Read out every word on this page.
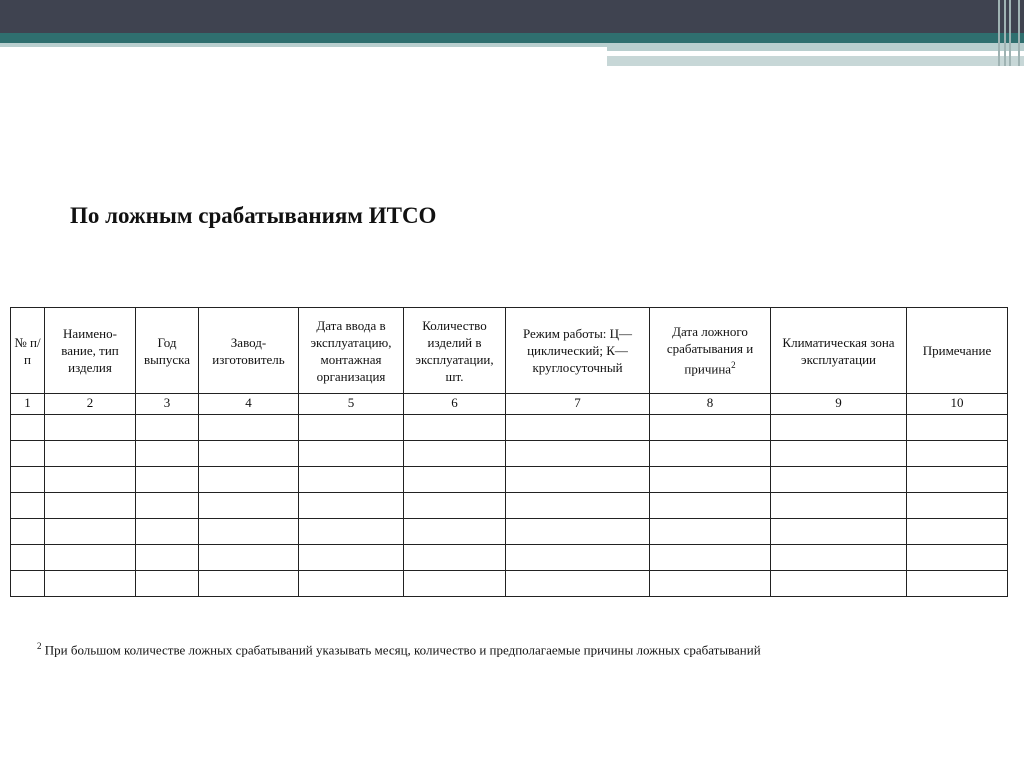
По ложным срабатываниям ИТСО
№ п/п	Наимено-вание, тип изделия	Год выпуска	Завод-изготовитель	Дата ввода в эксплуатацию, монтажная организация	Количество изделий в эксплуатации, шт.	Режим работы: Ц—циклический; К—круглосуточный	Дата ложного срабатывания и причина$^2$	Климатическая зона эксплуатации	Примечание
1	2	3	4	5	6	7	8	9	10

$^2$ При большом количестве ложных срабатываний указывать месяц, количество и предполагаемые причины ложных срабатываний
